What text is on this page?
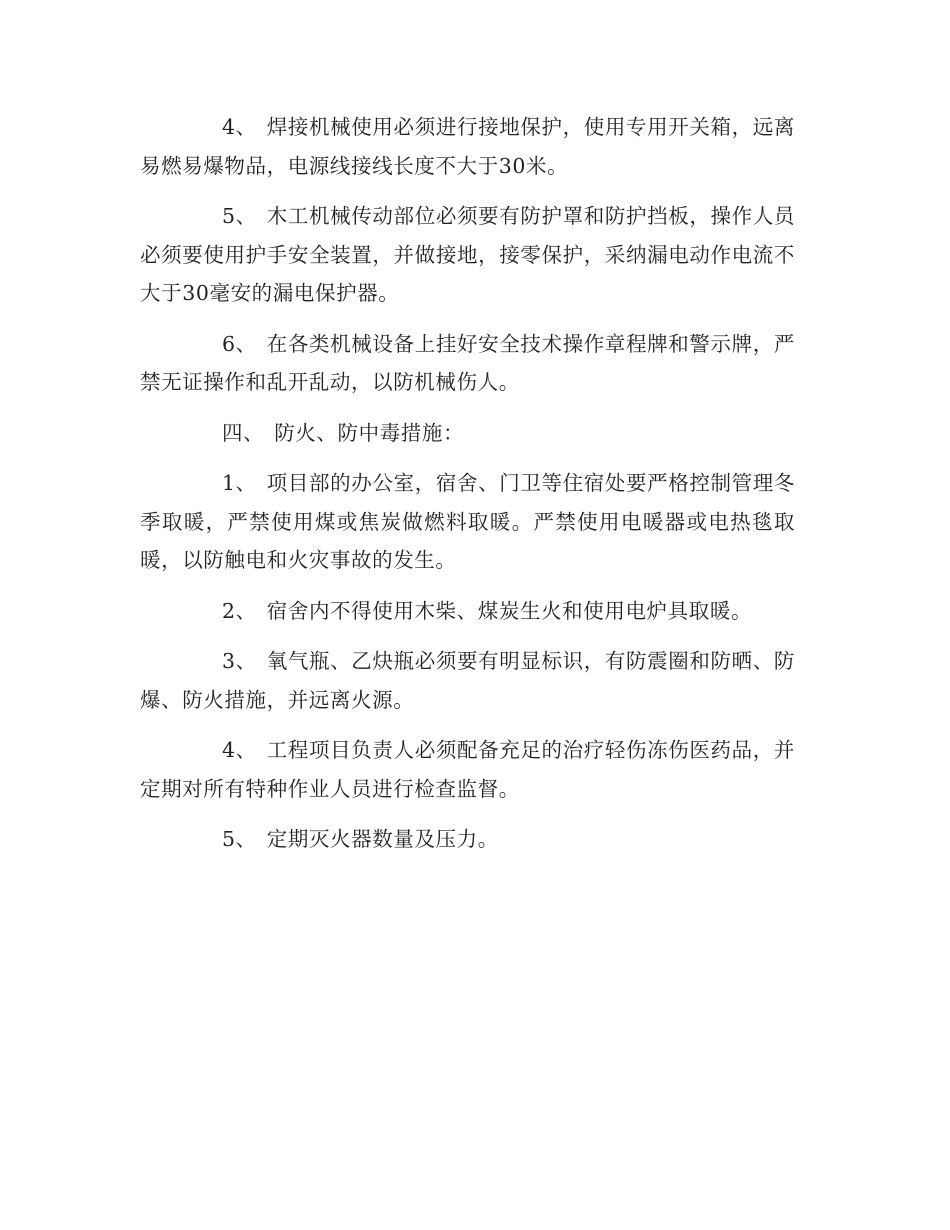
4、 焊接机械使用必须进行接地保护，使用专用开关箱，远离易燃易爆物品，电源线接线长度不大于30米。

5、 木工机械传动部位必须要有防护罩和防护挡板，操作人员必须要使用护手安全装置，并做接地，接零保护，采纳漏电动作电流不大于30毫安的漏电保护器。

6、 在各类机械设备上挂好安全技术操作章程牌和警示牌，严禁无证操作和乱开乱动，以防机械伤人。

四、 防火、防中毒措施：

1、 项目部的办公室，宿舍、门卫等住宿处要严格控制管理冬季取暖，严禁使用煤或焦炭做燃料取暖。严禁使用电暖器或电热毯取暖，以防触电和火灾事故的发生。

2、 宿舍内不得使用木柴、煤炭生火和使用电炉具取暖。

3、 氧气瓶、乙炔瓶必须要有明显标识，有防震圈和防晒、防爆、防火措施，并远离火源。

4、 工程项目负责人必须配备充足的治疗轻伤冻伤医药品，并定期对所有特种作业人员进行检查监督。

5、 定期灭火器数量及压力。
